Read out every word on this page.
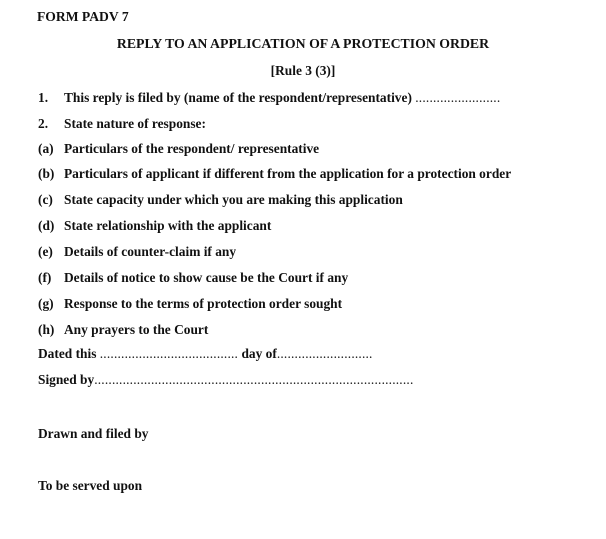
FORM PADV 7
REPLY TO AN APPLICATION OF A PROTECTION ORDER
[Rule 3 (3)]
1. This reply is filed by (name of the respondent/representative) ........................
2. State nature of response:
(a) Particulars of the respondent/ representative
(b) Particulars of applicant if different from the application for a protection order
(c) State capacity under which you are making this application
(d) State relationship with the applicant
(e) Details of counter-claim if any
(f) Details of notice to show cause be the Court if any
(g) Response to the terms of protection order sought
(h) Any prayers to the Court
Dated this ....................................... day of...........................
Signed by..........................................................................................
Drawn and filed by
To be served upon
